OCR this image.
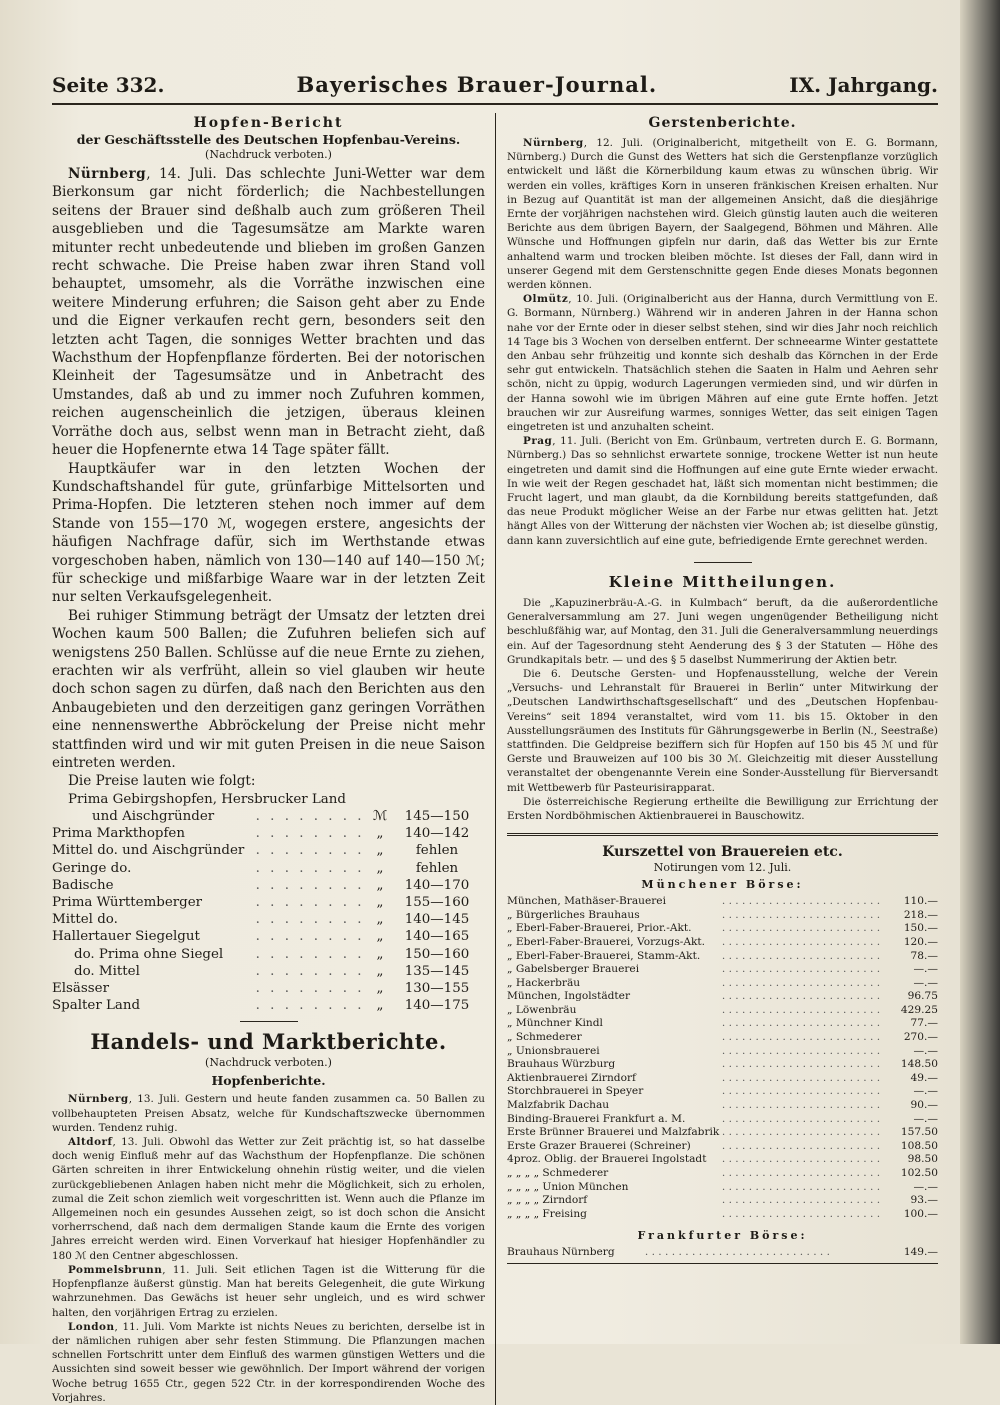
Seite 332.	Bayerisches Brauer-Journal.	IX. Jahrgang.
Hopfen-Bericht
der Geschäftsstelle des Deutschen Hopfenbau-Vereins.
(Nachdruck verboten.)

Nürnberg, 14. Juli. Das schlechte Juni-Wetter war dem Bierkonsum gar nicht förderlich; die Nachbestellungen seitens der Brauer sind deßhalb auch zum größeren Theil ausgeblieben und die Tagesumsätze am Markte waren mitunter recht unbedeutende und blieben im großen Ganzen recht schwache. Die Preise haben zwar ihren Stand voll behauptet, umsomehr, als die Vorräthe inzwischen eine weitere Minderung erfuhren; die Saison geht aber zu Ende und die Eigner verkaufen recht gern, besonders seit den letzten acht Tagen, die sonniges Wetter brachten und das Wachsthum der Hopfenpflanze förderten. Bei der notorischen Kleinheit der Tagesumsätze und in Anbetracht des Umstandes, daß ab und zu immer noch Zufuhren kommen, reichen augenscheinlich die jetzigen, überaus kleinen Vorräthe doch aus, selbst wenn man in Betracht zieht, daß heuer die Hopfenernte etwa 14 Tage später fällt.

Hauptkäufer war in den letzten Wochen der Kundschaftshandel für gute, grünfarbige Mittelsorten und Prima-Hopfen. Die letzteren stehen noch immer auf dem Stande von 155—170 ℳ, wogegen erstere, angesichts der häufigen Nachfrage dafür, sich im Werthstande etwas vorgeschoben haben, nämlich von 130—140 auf 140—150 ℳ; für scheckige und mißfarbige Waare war in der letzten Zeit nur selten Verkaufsgelegenheit.

Bei ruhiger Stimmung beträgt der Umsatz der letzten drei Wochen kaum 500 Ballen; die Zufuhren beliefen sich auf wenigstens 250 Ballen. Schlüsse auf die neue Ernte zu ziehen, erachten wir als verfrüht, allein so viel glauben wir heute doch schon sagen zu dürfen, daß nach den Berichten aus den Anbaugebieten und den derzeitigen ganz geringen Vorräthen eine nennenswerthe Abbröckelung der Preise nicht mehr stattfinden wird und wir mit guten Preisen in die neue Saison eintreten werden.

Die Preise lauten wie folgt:
Prima Gebirgshopfen, Hersbrucker Land
und Aischgründer	. . . . . . . .	ℳ	145—150
Prima Markthopfen	. . . . . . . .	„	140—142
Mittel do. und Aischgründer	. . . . . . . .	„	fehlen
Geringe do.	. . . . . . . .	„	fehlen
Badische	. . . . . . . .	„	140—170
Prima Württemberger	. . . . . . . .	„	155—160
Mittel do.	. . . . . . . .	„	140—145
Hallertauer Siegelgut	. . . . . . . .	„	140—165
do. Prima ohne Siegel	. . . . . . . .	„	150—160
do. Mittel	. . . . . . . .	„	135—145
Elsässer	. . . . . . . .	„	130—155
Spalter Land	. . . . . . . .	„	140—175
Handels- und Marktberichte.
(Nachdruck verboten.)
Hopfenberichte.

Nürnberg, 13. Juli. Gestern und heute fanden zusammen ca. 50 Ballen zu vollbehaupteten Preisen Absatz, welche für Kundschaftszwecke übernommen wurden. Tendenz ruhig.

Altdorf, 13. Juli. Obwohl das Wetter zur Zeit prächtig ist, so hat dasselbe doch wenig Einfluß mehr auf das Wachsthum der Hopfenpflanze. Die schönen Gärten schreiten in ihrer Entwickelung ohnehin rüstig weiter, und die vielen zurückgebliebenen Anlagen haben nicht mehr die Möglichkeit, sich zu erholen, zumal die Zeit schon ziemlich weit vorgeschritten ist. Wenn auch die Pflanze im Allgemeinen noch ein gesundes Aussehen zeigt, so ist doch schon die Ansicht vorherrschend, daß nach dem dermaligen Stande kaum die Ernte des vorigen Jahres erreicht werden wird. Einen Vorverkauf hat hiesiger Hopfenhändler zu 180 ℳ den Centner abgeschlossen.

Pommelsbrunn, 11. Juli. Seit etlichen Tagen ist die Witterung für die Hopfenpflanze äußerst günstig. Man hat bereits Gelegenheit, die gute Wirkung wahrzunehmen. Das Gewächs ist heuer sehr ungleich, und es wird schwer halten, den vorjährigen Ertrag zu erzielen.

London, 11. Juli. Vom Markte ist nichts Neues zu berichten, derselbe ist in der nämlichen ruhigen aber sehr festen Stimmung. Die Pflanzungen machen schnellen Fortschritt unter dem Einfluß des warmen günstigen Wetters und die Aussichten sind soweit besser wie gewöhnlich. Der Import während der vorigen Woche betrug 1655 Ctr., gegen 522 Ctr. in der korrespondirenden Woche des Vorjahres.

Gerstenberichte.

Nürnberg, 12. Juli. (Originalbericht, mitgetheilt von E. G. Bormann, Nürnberg.) Durch die Gunst des Wetters hat sich die Gerstenpflanze vorzüglich entwickelt und läßt die Körnerbildung kaum etwas zu wünschen übrig. Wir werden ein volles, kräftiges Korn in unseren fränkischen Kreisen erhalten. Nur in Bezug auf Quantität ist man der allgemeinen Ansicht, daß die diesjährige Ernte der vorjährigen nachstehen wird. Gleich günstig lauten auch die weiteren Berichte aus dem übrigen Bayern, der Saalgegend, Böhmen und Mähren. Alle Wünsche und Hoffnungen gipfeln nur darin, daß das Wetter bis zur Ernte anhaltend warm und trocken bleiben möchte. Ist dieses der Fall, dann wird in unserer Gegend mit dem Gerstenschnitte gegen Ende dieses Monats begonnen werden können.

Olmütz, 10. Juli. (Originalbericht aus der Hanna, durch Vermittlung von E. G. Bormann, Nürnberg.) Während wir in anderen Jahren in der Hanna schon nahe vor der Ernte oder in dieser selbst stehen, sind wir dies Jahr noch reichlich 14 Tage bis 3 Wochen von derselben entfernt. Der schneearme Winter gestattete den Anbau sehr frühzeitig und konnte sich deshalb das Körnchen in der Erde sehr gut entwickeln. Thatsächlich stehen die Saaten in Halm und Aehren sehr schön, nicht zu üppig, wodurch Lagerungen vermieden sind, und wir dürfen in der Hanna sowohl wie im übrigen Mähren auf eine gute Ernte hoffen. Jetzt brauchen wir zur Ausreifung warmes, sonniges Wetter, das seit einigen Tagen eingetreten ist und anzuhalten scheint.

Prag, 11. Juli. (Bericht von Em. Grünbaum, vertreten durch E. G. Bormann, Nürnberg.) Das so sehnlichst erwartete sonnige, trockene Wetter ist nun heute eingetreten und damit sind die Hoffnungen auf eine gute Ernte wieder erwacht. In wie weit der Regen geschadet hat, läßt sich momentan nicht bestimmen; die Frucht lagert, und man glaubt, da die Kornbildung bereits stattgefunden, daß das neue Produkt möglicher Weise an der Farbe nur etwas gelitten hat. Jetzt hängt Alles von der Witterung der nächsten vier Wochen ab; ist dieselbe günstig, dann kann zuversichtlich auf eine gute, befriedigende Ernte gerechnet werden.

Kleine Mittheilungen.

Die „Kapuzinerbräu-A.-G. in Kulmbach“ beruft, da die außerordentliche Generalversammlung am 27. Juni wegen ungenügender Betheiligung nicht beschlußfähig war, auf Montag, den 31. Juli die Generalversammlung neuerdings ein. Auf der Tagesordnung steht Aenderung des § 3 der Statuten — Höhe des Grundkapitals betr. — und des § 5 daselbst Nummerirung der Aktien betr.

Die 6. Deutsche Gersten- und Hopfenausstellung, welche der Verein „Versuchs- und Lehranstalt für Brauerei in Berlin“ unter Mitwirkung der „Deutschen Landwirthschaftsgesellschaft“ und des „Deutschen Hopfenbau-Vereins“ seit 1894 veranstaltet, wird vom 11. bis 15. Oktober in den Ausstellungsräumen des Instituts für Gährungsgewerbe in Berlin (N., Seestraße) stattfinden. Die Geldpreise beziffern sich für Hopfen auf 150 bis 45 ℳ und für Gerste und Brauweizen auf 100 bis 30 ℳ. Gleichzeitig mit dieser Ausstellung veranstaltet der obengenannte Verein eine Sonder-Ausstellung für Bierversandt mit Wettbewerb für Pasteurisirapparat.

Die österreichische Regierung ertheilte die Bewilligung zur Errichtung der Ersten Nordböhmischen Aktienbrauerei in Bauschowitz.

Kurszettel von Brauereien etc.
Notirungen vom 12. Juli.
Münchener Börse:
München, Mathäser-Brauerei	. . . . . . . . . . . . . . . . . . . . . . . .	110.—
„ Bürgerliches Brauhaus	. . . . . . . . . . . . . . . . . . . . . . . .	218.—
„ Eberl-Faber-Brauerei, Prior.-Akt.	. . . . . . . . . . . . . . . . . . . . . . . .	150.—
„ Eberl-Faber-Brauerei, Vorzugs-Akt.	. . . . . . . . . . . . . . . . . . . . . . . .	120.—
„ Eberl-Faber-Brauerei, Stamm-Akt.	. . . . . . . . . . . . . . . . . . . . . . . .	78.—
„ Gabelsberger Brauerei	. . . . . . . . . . . . . . . . . . . . . . . .	—.—
„ Hackerbräu	. . . . . . . . . . . . . . . . . . . . . . . .	—.—
München, Ingolstädter	. . . . . . . . . . . . . . . . . . . . . . . .	96.75
„ Löwenbräu	. . . . . . . . . . . . . . . . . . . . . . . .	429.25
„ Münchner Kindl	. . . . . . . . . . . . . . . . . . . . . . . .	77.—
„ Schmederer	. . . . . . . . . . . . . . . . . . . . . . . .	270.—
„ Unionsbrauerei	. . . . . . . . . . . . . . . . . . . . . . . .	—.—
Brauhaus Würzburg	. . . . . . . . . . . . . . . . . . . . . . . .	148.50
Aktienbrauerei Zirndorf	. . . . . . . . . . . . . . . . . . . . . . . .	49.—
Storchbrauerei in Speyer	. . . . . . . . . . . . . . . . . . . . . . . .	—.—
Malzfabrik Dachau	. . . . . . . . . . . . . . . . . . . . . . . .	90.—
Binding-Brauerei Frankfurt a. M.	. . . . . . . . . . . . . . . . . . . . . . . .	—.—
Erste Brünner Brauerei und Malzfabrik	. . . . . . . . . . . . . . . . . . . . . . . .	157.50
Erste Grazer Brauerei (Schreiner)	. . . . . . . . . . . . . . . . . . . . . . . .	108.50
4proz. Oblig. der Brauerei Ingolstadt	. . . . . . . . . . . . . . . . . . . . . . . .	98.50
„ „ „ „ Schmederer	. . . . . . . . . . . . . . . . . . . . . . . .	102.50
„ „ „ „ Union München	. . . . . . . . . . . . . . . . . . . . . . . .	—.—
„ „ „ „ Zirndorf	. . . . . . . . . . . . . . . . . . . . . . . .	93.—
„ „ „ „ Freising	. . . . . . . . . . . . . . . . . . . . . . . .	100.—
Frankfurter Börse:
Brauhaus Nürnberg	. . . . . . . . . . . . . . . . . . . . . . . . . . . .	149.—
